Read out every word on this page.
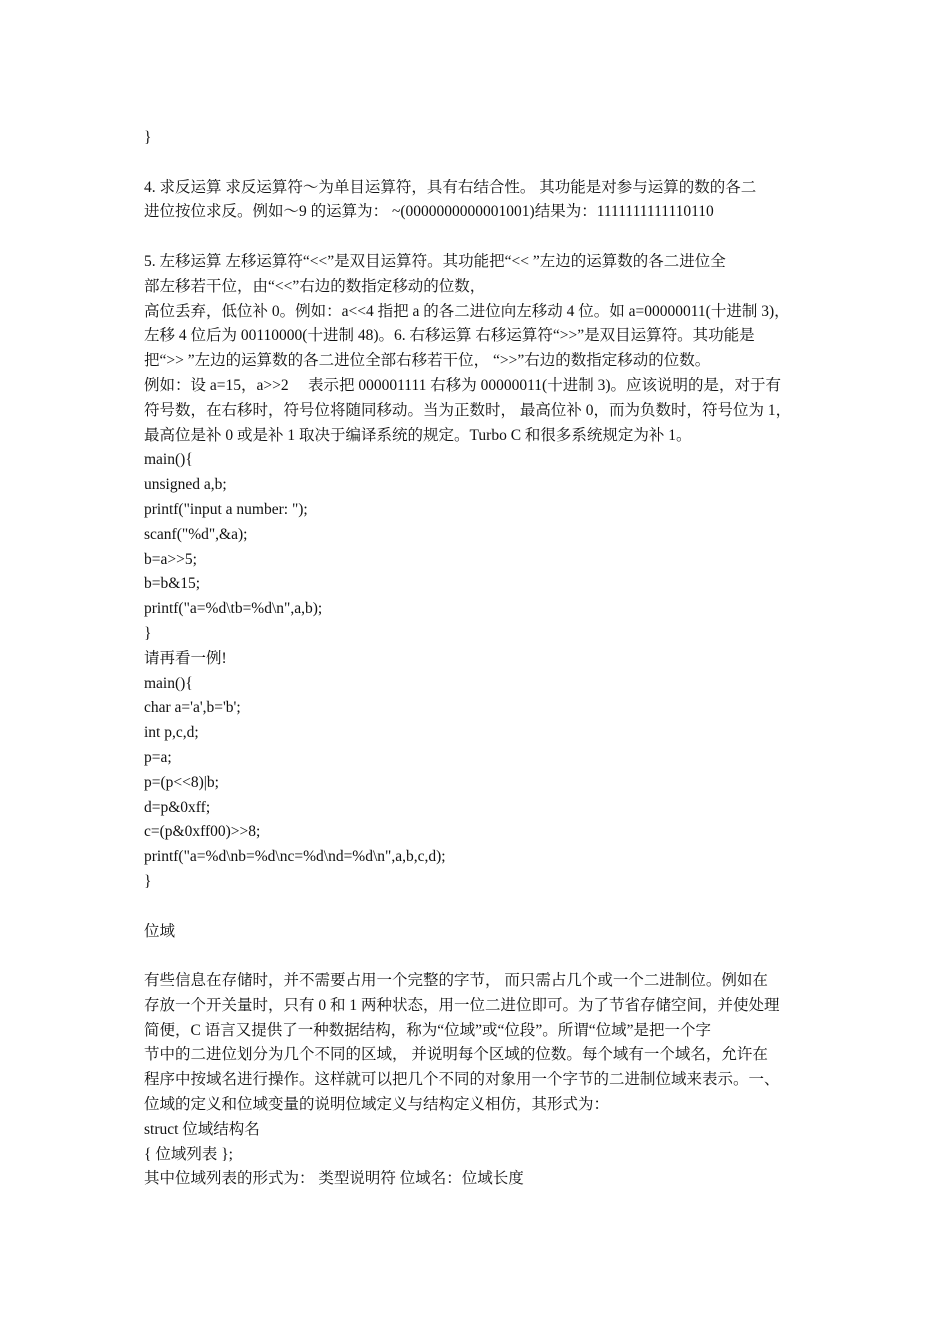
}
4. 求反运算 求反运算符～为单目运算符，具有右结合性。 其功能是对参与运算的数的各二
进位按位求反。例如～9 的运算为： ~(0000000000001001)结果为：1111111111110110
5. 左移运算 左移运算符“<<”是双目运算符。其功能把“<< ”左边的运算数的各二进位全
部左移若干位，由“<<”右边的数指定移动的位数，
高位丢弃，低位补 0。例如：a<<4 指把 a 的各二进位向左移动 4 位。如 a=00000011(十进制 3)，
左移 4 位后为 00110000(十进制 48)。6. 右移运算 右移运算符“>>”是双目运算符。其功能是
把“>> ”左边的运算数的各二进位全部右移若干位， “>>”右边的数指定移动的位数。
例如：设 a=15，a>>2　 表示把 000001111 右移为 00000011(十进制 3)。应该说明的是，对于有
符号数，在右移时，符号位将随同移动。当为正数时， 最高位补 0，而为负数时，符号位为 1，
最高位是补 0 或是补 1 取决于编译系统的规定。Turbo C 和很多系统规定为补 1。
main(){
unsigned a,b;
printf("input a number: ");
scanf("%d",&a);
b=a>>5;
b=b&15;
printf("a=%d\tb=%d\n",a,b);
}
请再看一例!
main(){
char a='a',b='b';
int p,c,d;
p=a;
p=(p<<8)|b;
d=p&0xff;
c=(p&0xff00)>>8;
printf("a=%d\nb=%d\nc=%d\nd=%d\n",a,b,c,d);
}
位域
有些信息在存储时，并不需要占用一个完整的字节， 而只需占几个或一个二进制位。例如在
存放一个开关量时，只有 0 和 1 两种状态，用一位二进位即可。为了节省存储空间，并使处理
简便，C 语言又提供了一种数据结构，称为“位域”或“位段”。所谓“位域”是把一个字
节中的二进位划分为几个不同的区域， 并说明每个区域的位数。每个域有一个域名，允许在
程序中按域名进行操作。这样就可以把几个不同的对象用一个字节的二进制位域来表示。一、
位域的定义和位域变量的说明位域定义与结构定义相仿，其形式为：
struct 位域结构名
{ 位域列表 };
其中位域列表的形式为： 类型说明符 位域名：位域长度
